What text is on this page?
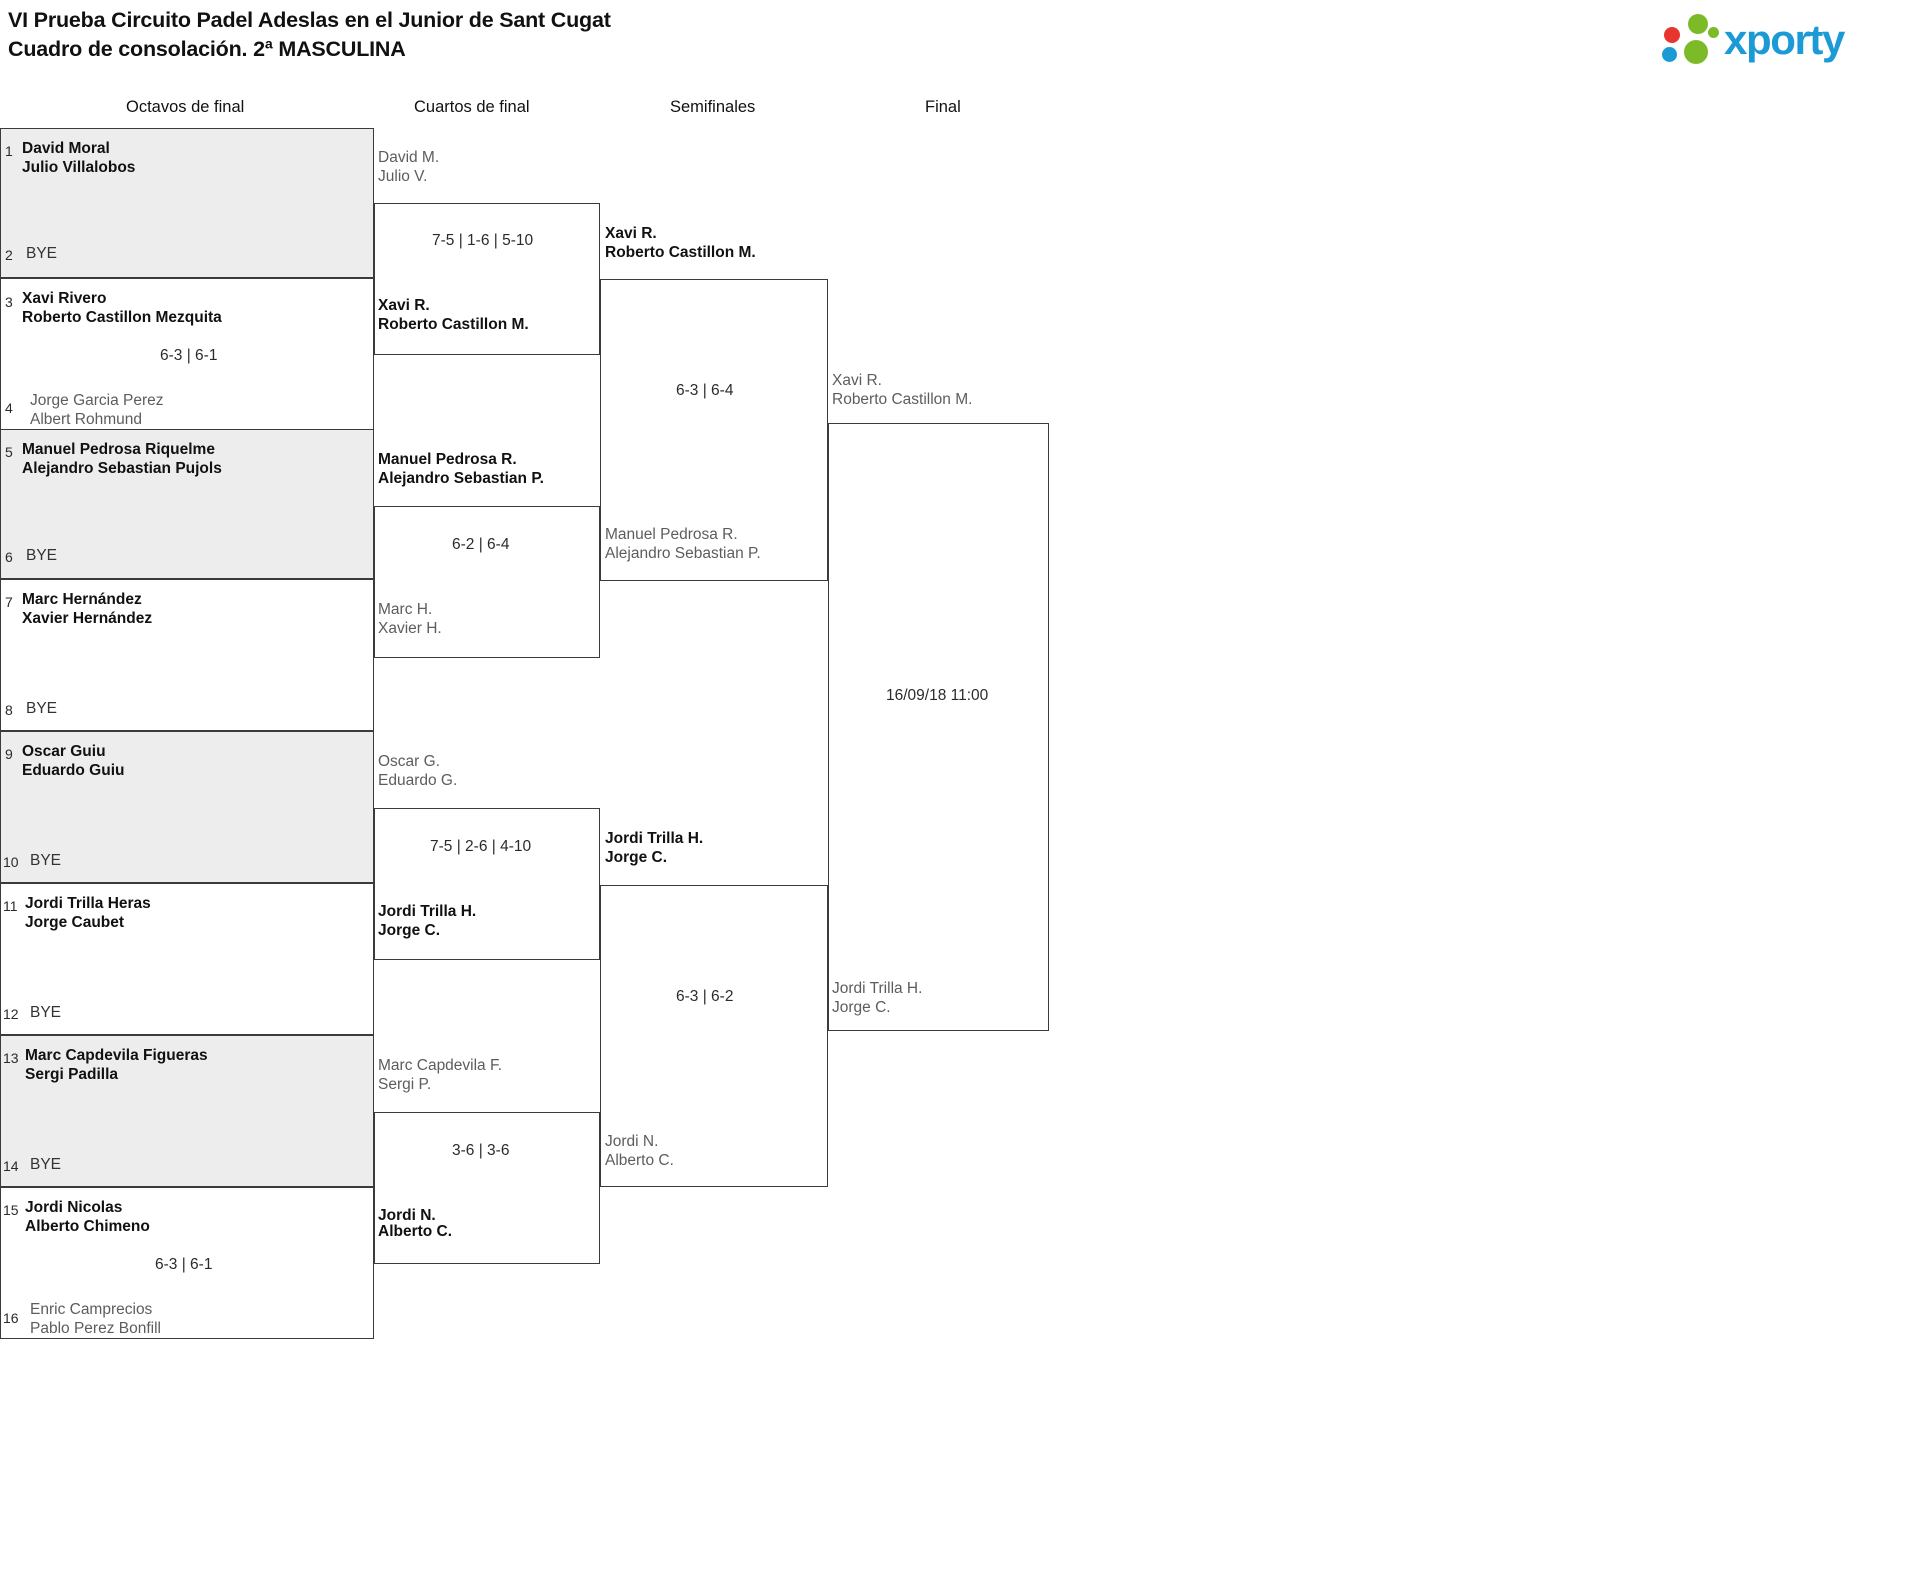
VI Prueba Circuito Padel Adeslas en el Junior de Sant Cugat
Cuadro de consolación. 2ª MASCULINA	xporty
Octavos de final	Cuartos de final	Semifinales	Final
1 David Moral
Julio Villalobos
2 BYE
3 Xavi Rivero
Roberto Castillon Mezquita
6-3 | 6-1
4 Jorge Garcia Perez
Albert Rohmund
5 Manuel Pedrosa Riquelme
Alejandro Sebastian Pujols
6 BYE
7 Marc Hernández
Xavier Hernández
8 BYE
9 Oscar Guiu
Eduardo Guiu
10 BYE
11 Jordi Trilla Heras
Jorge Caubet
12 BYE
13 Marc Capdevila Figueras
Sergi Padilla
14 BYE
15 Jordi Nicolas
Alberto Chimeno
6-3 | 6-1
16 Enric Camprecios
Pablo Perez Bonfill
David M.
Julio V.
7-5 | 1-6 | 5-10
Xavi R.
Roberto Castillon M.
Manuel Pedrosa R.
Alejandro Sebastian P.
6-2 | 6-4
Marc H.
Xavier H.
Oscar G.
Eduardo G.
7-5 | 2-6 | 4-10
Jordi Trilla H.
Jorge C.
Marc Capdevila F.
Sergi P.
3-6 | 3-6
Jordi N.
Alberto C.
Xavi R.
Roberto Castillon M.
6-3 | 6-4
Manuel Pedrosa R.
Alejandro Sebastian P.
Jordi Trilla H.
Jorge C.
6-3 | 6-2
Jordi N.
Alberto C.
Xavi R.
Roberto Castillon M.
16/09/18 11:00
Jordi Trilla H.
Jorge C.
